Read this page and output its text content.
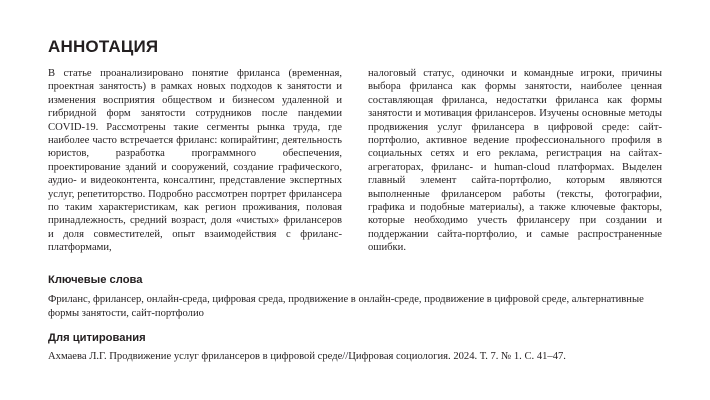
АННОТАЦИЯ

В статье проанализировано понятие фриланса (временная, проектная занятость) в рамках новых подходов к занятости и изменения восприятия обществом и бизнесом удаленной и гибридной форм занятости сотрудников после пандемии COVID-19. Рассмотрены такие сегменты рынка труда, где наиболее часто встречается фриланс: копирайтинг, деятельность юристов, разработка программного обеспечения, проектирование зданий и сооружений, создание графического, аудио- и видеоконтента, консалтинг, представление экспертных услуг, репетиторство. Подробно рассмотрен портрет фрилансера по таким характеристикам, как регион проживания, половая принадлежность, средний возраст, доля «чистых» фрилансеров и доля совместителей, опыт взаимодействия с фриланс-платформами,

налоговый статус, одиночки и командные игроки, причины выбора фриланса как формы занятости, наиболее ценная составляющая фриланса, недостатки фриланса как формы занятости и мотивация фрилансеров. Изучены основные методы продвижения услуг фрилансера в цифровой среде: сайт-портфолио, активное ведение профессионального профиля в социальных сетях и его реклама, регистрация на сайтах-агрегаторах, фриланс- и human-cloud платформах. Выделен главный элемент сайта-портфолио, которым являются выполненные фрилансером работы (тексты, фотографии, графика и подобные материалы), а также ключевые факторы, которые необходимо учесть фрилансеру при создании и поддержании сайта-портфолио, и самые распространенные ошибки.

Ключевые слова

Фриланс, фрилансер, онлайн-среда, цифровая среда, продвижение в онлайн-среде, продвижение в цифровой среде, альтернативные формы занятости, сайт-портфолио

Для цитирования

Ахмаева Л.Г. Продвижение услуг фрилансеров в цифровой среде//Цифровая социология. 2024. Т. 7. № 1. С. 41–47.
